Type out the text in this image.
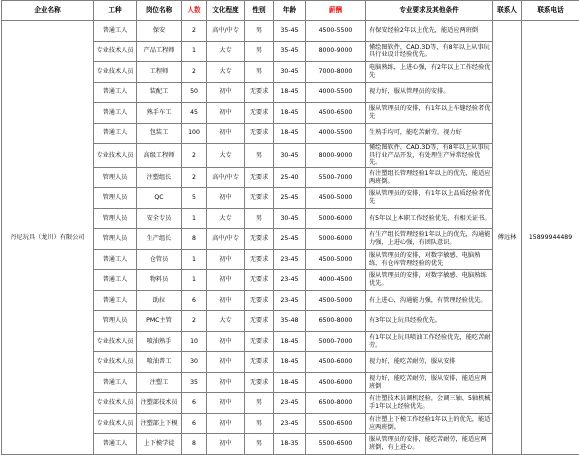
企业名称	工种	岗位名称	人数	文化程度	性别	年龄	薪酬	专业要求及其他条件	联系人	联系电话
丹尼玩具（龙川）有限公司	普通工人	保安	2	高中/中专	男	35-45	4500-5500	有保安经验2年以上优先，能适应两班倒	傅远林	15899944489
	专业技术人员	产品工程师	1	大专	男	35-45	8000-9000	懂绘图软件，CAD.3D等，有8年以上从事玩具行业设计经验优先。		
	专业技术人员	工程师	2	大专	男	30-45	7000-8000	电脑熟练，上进心强，有2年以上工作经验优先		
	普通工人	装配工	50	初中	无要求	18-45	4000-5500	视力好，服从管理员的安排。		
	普通工人	熟手车工	45	初中	无要求	18-45	4500-6500	服从管理员的安排，有1年以上车缝经验者优先		
	普通工人	包装工	100	初中	无要求	18-45	4000-5500	生熟手均可，能吃苦耐劳，视力好		
	专业技术人员	高级工程师	2	大专	男	30-45	8000-9000	懂绘图软件，CAD.3D等，有8年以上从事玩具行业产品开发，有处理生产异常经验优先。		
	管理人员	注塑组长	2	高中/中专	无要求	25-40	5500-7000	有注塑组长管理经验1年以上的优先，能适应两班倒。		
	管理人员	QC	5	初中	无要求	25-45	4500-5000	服从管理员的安排，有1年以上品质经验者优先		
	管理人员	安全专员	1	大专	男	30-45	5000-6000	有5年以上本职工作经验优先，有相关证书。		
	管理人员	生产组长	8	高中/中专	无要求	25-45	5000-6000	有生产组长管理经验1年以上的优先，沟通能力强，上进心强，有团队意识。		
	普通工人	仓管员	1	初中	无要求	23-45	4500-5000	服从管理员的安排，对数字敏感、电脑熟练，有仓库管理经验的优先		
	普通工人	物料员	1	初中	无要求	23-45	4000-4500	服从管理员的安排，对数字敏感、电脑熟练优先。		
	普通工人	助拉	6	初中	无要求	23-45	4500-5000	有上进心，沟通能力强，有管理经验优先。		
	管理人员	PMC主管	2	大专	无要求	35-48	6500-8000	有3年以上玩具经验优先。		
	专业技术人员	喷油熟手	10	初中	无要求	18-45	5000-7000	有1年以上玩具喷油工作经验优先，能吃苦耐劳。		
	专业技术人员	喷油普工	30	初中	无要求	18-45	4500-6000	视力好，能吃苦耐劳，服从安排		
	普通工人	注塑工	35	初中	无要求	18-45	4500-6000	视力好，能吃苦耐劳，服从安排，能适应两班倒		
	专业技术人员	注塑部技术员	6	初中	男	23-45	6500-8000	有注塑技术员调机经验，会调三轴、5轴机械手1年以上经验优先。		
	专业技术人员	注塑部上下模	6	初中	男	23-45	5500-6500	有注塑上下模工作经验1年以上的优先，能适应两班倒。		
	普通工人	上下模学徒	8	初中	男	18-35	5500-6500	服从管理员的安排，能吃苦耐劳，能适应两班倒，有上进心。		
